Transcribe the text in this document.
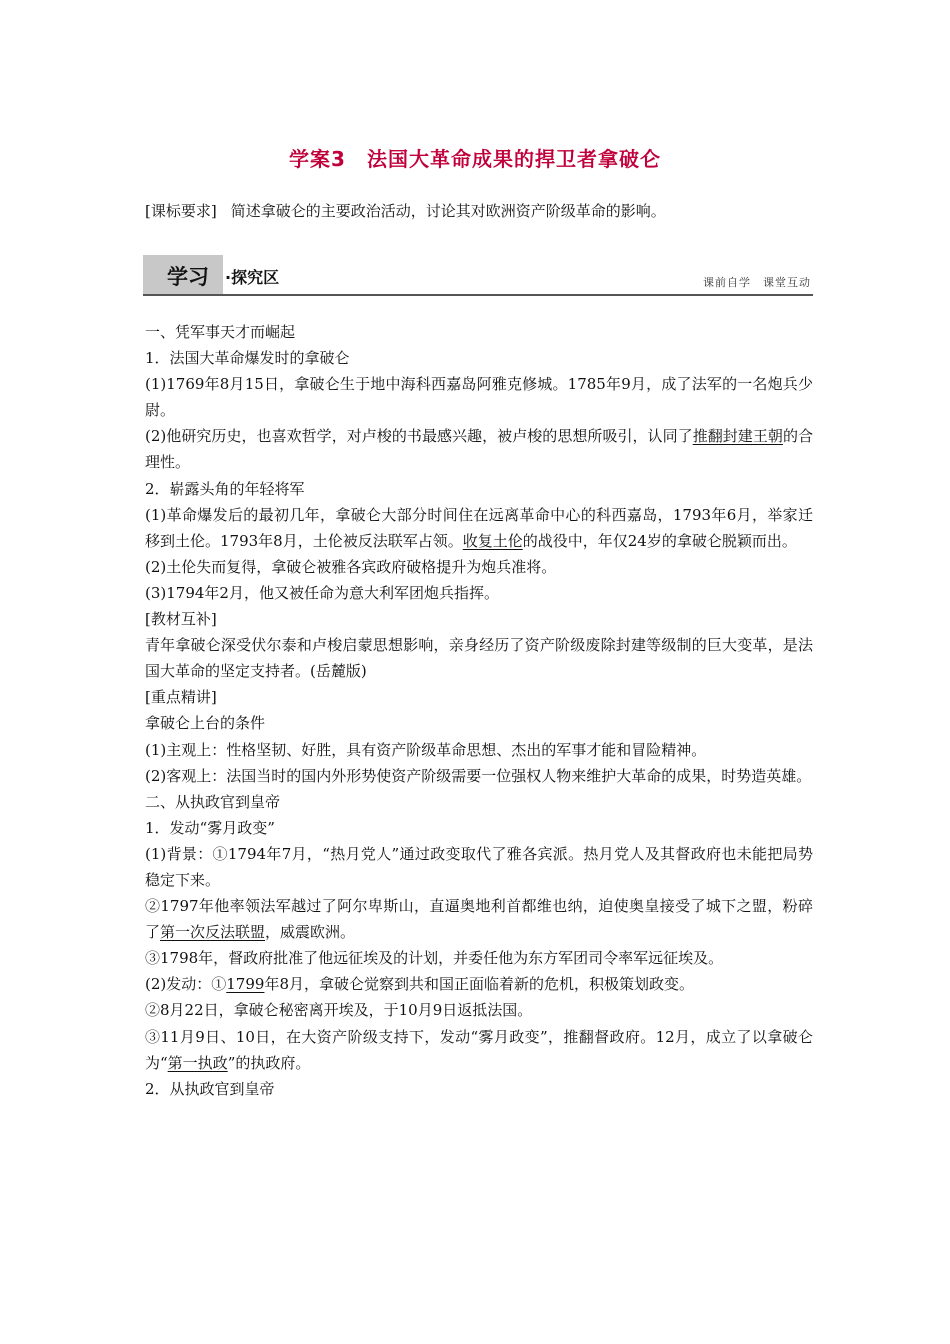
学案3　法国大革命成果的捍卫者拿破仑
[课标要求] 简述拿破仑的主要政治活动，讨论其对欧洲资产阶级革命的影响。
学习 ·探究区	课前自学 课堂互动

一、凭军事天才而崛起

1．法国大革命爆发时的拿破仑

(1)1769年8月15日，拿破仑生于地中海科西嘉岛阿雅克修城。1785年9月，成了法军的一名炮兵少尉。

(2)他研究历史，也喜欢哲学，对卢梭的书最感兴趣，被卢梭的思想所吸引，认同了推翻封建王朝的合理性。

2．崭露头角的年轻将军

(1)革命爆发后的最初几年，拿破仑大部分时间住在远离革命中心的科西嘉岛，1793年6月，举家迁移到土伦。1793年8月，土伦被反法联军占领。收复土伦的战役中，年仅24岁的拿破仑脱颖而出。

(2)土伦失而复得，拿破仑被雅各宾政府破格提升为炮兵准将。

(3)1794年2月，他又被任命为意大利军团炮兵指挥。

[教材互补]

青年拿破仑深受伏尔泰和卢梭启蒙思想影响，亲身经历了资产阶级废除封建等级制的巨大变革，是法国大革命的坚定支持者。(岳麓版)

[重点精讲]

拿破仑上台的条件

(1)主观上：性格坚韧、好胜，具有资产阶级革命思想、杰出的军事才能和冒险精神。

(2)客观上：法国当时的国内外形势使资产阶级需要一位强权人物来维护大革命的成果，时势造英雄。

二、从执政官到皇帝

1．发动“雾月政变”

(1)背景：①1794年7月，“热月党人”通过政变取代了雅各宾派。热月党人及其督政府也未能把局势稳定下来。

②1797年他率领法军越过了阿尔卑斯山，直逼奥地利首都维也纳，迫使奥皇接受了城下之盟，粉碎了第一次反法联盟，威震欧洲。

③1798年，督政府批准了他远征埃及的计划，并委任他为东方军团司令率军远征埃及。

(2)发动：①1799年8月，拿破仑觉察到共和国正面临着新的危机，积极策划政变。

②8月22日，拿破仑秘密离开埃及，于10月9日返抵法国。

③11月9日、10日，在大资产阶级支持下，发动“雾月政变”，推翻督政府。12月，成立了以拿破仑为“第一执政”的执政府。

2．从执政官到皇帝
